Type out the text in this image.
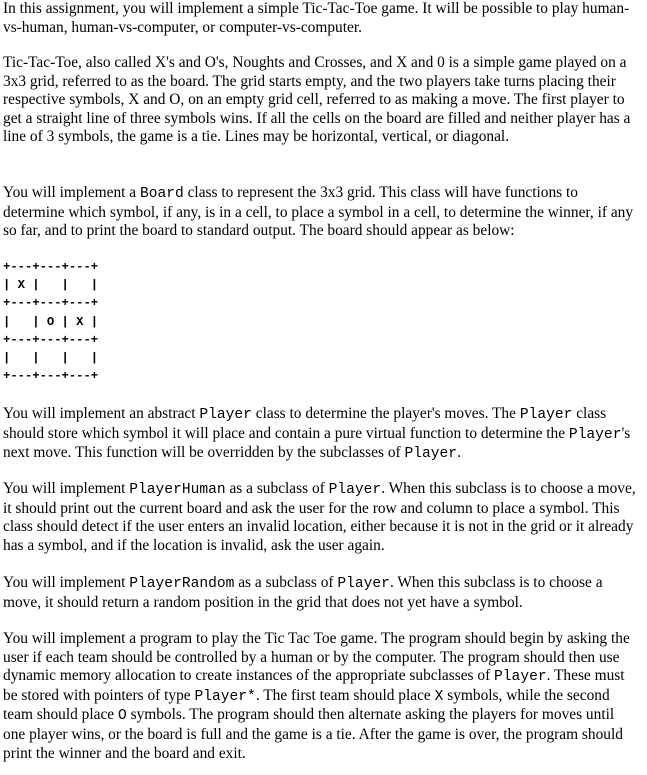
In this assignment, you will implement a simple Tic-Tac-Toe game. It will be possible to play human-vs-human, human-vs-computer, or computer-vs-computer.

Tic-Tac-Toe, also called X's and O's, Noughts and Crosses, and X and 0 is a simple game played on a 3x3 grid, referred to as the board. The grid starts empty, and the two players take turns placing their respective symbols, X and O, on an empty grid cell, referred to as making a move. The first player to get a straight line of three symbols wins. If all the cells on the board are filled and neither player has a line of 3 symbols, the game is a tie. Lines may be horizontal, vertical, or diagonal.

You will implement a Board class to represent the 3x3 grid. This class will have functions to determine which symbol, if any, is in a cell, to place a symbol in a cell, to determine the winner, if any so far, and to print the board to standard output. The board should appear as below:

+---+---+---+
| X |   |   |
+---+---+---+
|   | O | X |
+---+---+---+
|   |   |   |
+---+---+---+

You will implement an abstract Player class to determine the player's moves. The Player class should store which symbol it will place and contain a pure virtual function to determine the Player's next move. This function will be overridden by the subclasses of Player.

You will implement PlayerHuman as a subclass of Player. When this subclass is to choose a move, it should print out the current board and ask the user for the row and column to place a symbol. This class should detect if the user enters an invalid location, either because it is not in the grid or it already has a symbol, and if the location is invalid, ask the user again.

You will implement PlayerRandom as a subclass of Player. When this subclass is to choose a move, it should return a random position in the grid that does not yet have a symbol.

You will implement a program to play the Tic Tac Toe game. The program should begin by asking the user if each team should be controlled by a human or by the computer. The program should then use dynamic memory allocation to create instances of the appropriate subclasses of Player. These must be stored with pointers of type Player*. The first team should place X symbols, while the second team should place O symbols. The program should then alternate asking the players for moves until one player wins, or the board is full and the game is a tie. After the game is over, the program should print the winner and the board and exit.
